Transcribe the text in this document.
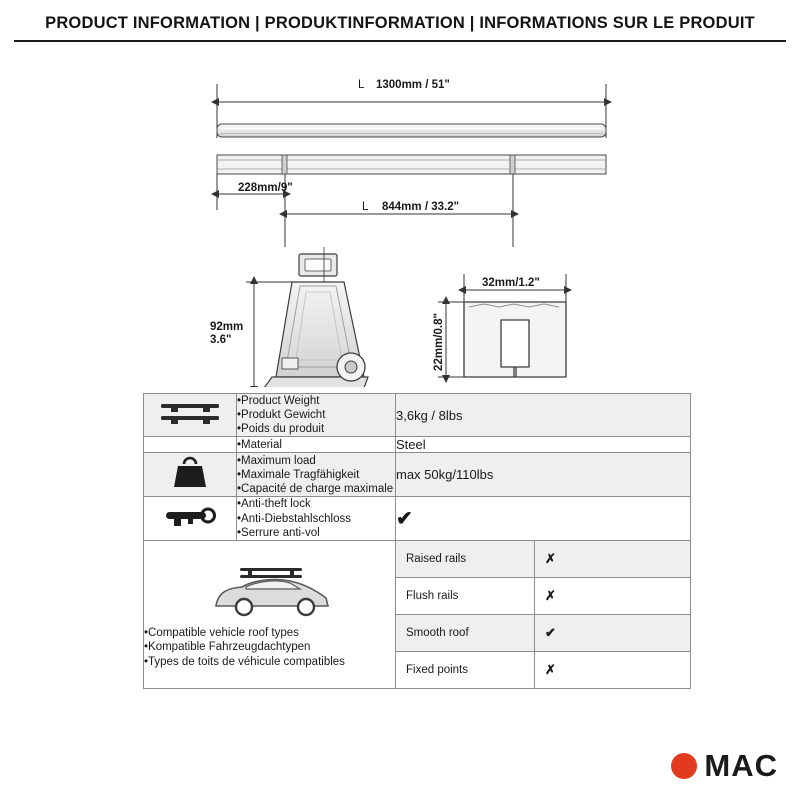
PRODUCT INFORMATION | PRODUKTINFORMATION | INFORMATIONS SUR LE PRODUIT
L 1300mm / 51"
228mm/9"
L 844mm / 33.2"
92mm
3.6"
32mm/1.2"
22mm/0.8"

•Product Weight
•Produkt Gewicht
•Poids du produit
	3,6kg / 8lbs

•Material	Steel

•Maximum load
•Maximale Tragfähigkeit
•Capacité de charge maximale
	max 50kg/110lbs

•Anti-theft lock
•Anti-Diebstahlschloss
•Serrure anti-vol
	✔

•Compatible vehicle roof types
•Kompatible Fahrzeugdachtypen
•Types de toits de véhicule compatibles

Raised rails	✗
Flush rails	✗
Smooth roof	✔
Fixed points	✗
MAC
